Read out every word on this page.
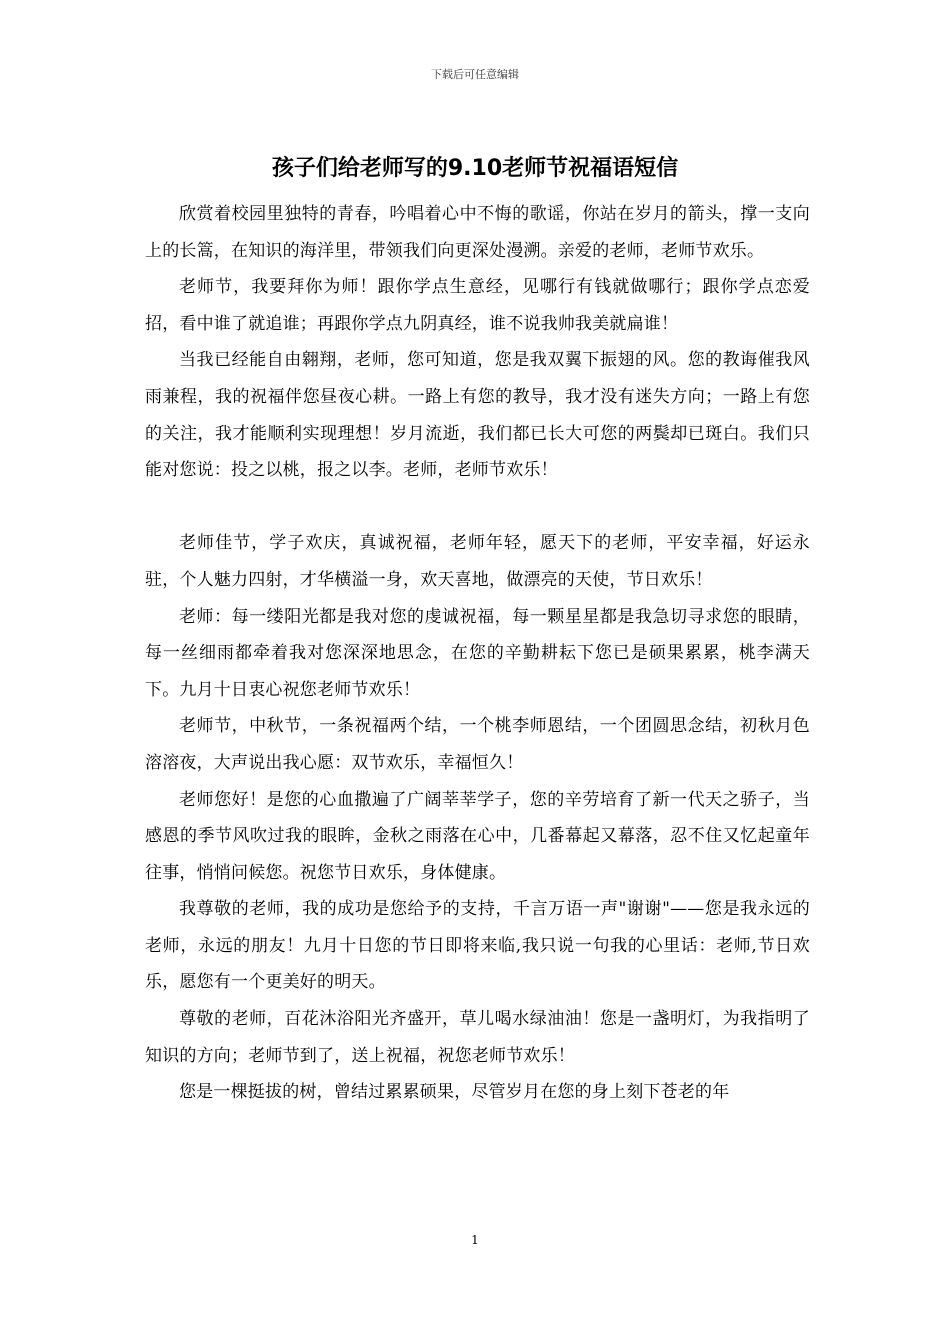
下载后可任意编辑
孩子们给老师写的9.10老师节祝福语短信

欣赏着校园里独特的青春，吟唱着心中不悔的歌谣，你站在岁月的箭头，撑一支向上的长篙，在知识的海洋里，带领我们向更深处漫溯。亲爱的老师，老师节欢乐。

老师节，我要拜你为师！跟你学点生意经，见哪行有钱就做哪行；跟你学点恋爱招，看中谁了就追谁；再跟你学点九阴真经，谁不说我帅我美就扁谁！

当我已经能自由翱翔，老师，您可知道，您是我双翼下振翅的风。您的教诲催我风雨兼程，我的祝福伴您昼夜心耕。一路上有您的教导，我才没有迷失方向；一路上有您的关注，我才能顺利实现理想！岁月流逝，我们都已长大可您的两鬓却已斑白。我们只能对您说：投之以桃，报之以李。老师，老师节欢乐！

老师佳节，学子欢庆，真诚祝福，老师年轻，愿天下的老师，平安幸福，好运永驻，个人魅力四射，才华横溢一身，欢天喜地，做漂亮的天使，节日欢乐！

老师：每一缕阳光都是我对您的虔诚祝福，每一颗星星都是我急切寻求您的眼睛，每一丝细雨都牵着我对您深深地思念，在您的辛勤耕耘下您已是硕果累累，桃李满天下。九月十日衷心祝您老师节欢乐！

老师节，中秋节，一条祝福两个结，一个桃李师恩结，一个团圆思念结，初秋月色溶溶夜，大声说出我心愿：双节欢乐，幸福恒久！

老师您好！是您的心血撒遍了广阔莘莘学子，您的辛劳培育了新一代天之骄子，当感恩的季节风吹过我的眼眸，金秋之雨落在心中，几番幕起又幕落，忍不住又忆起童年往事，悄悄问候您。祝您节日欢乐，身体健康。

我尊敬的老师，我的成功是您给予的支持，千言万语一声"谢谢"——您是我永远的老师，永远的朋友！九月十日您的节日即将来临,我只说一句我的心里话：老师,节日欢乐，愿您有一个更美好的明天。

尊敬的老师，百花沐浴阳光齐盛开，草儿喝水绿油油！您是一盏明灯，为我指明了知识的方向；老师节到了，送上祝福，祝您老师节欢乐！

您是一棵挺拔的树，曾结过累累硕果，尽管岁月在您的身上刻下苍老的年

1
